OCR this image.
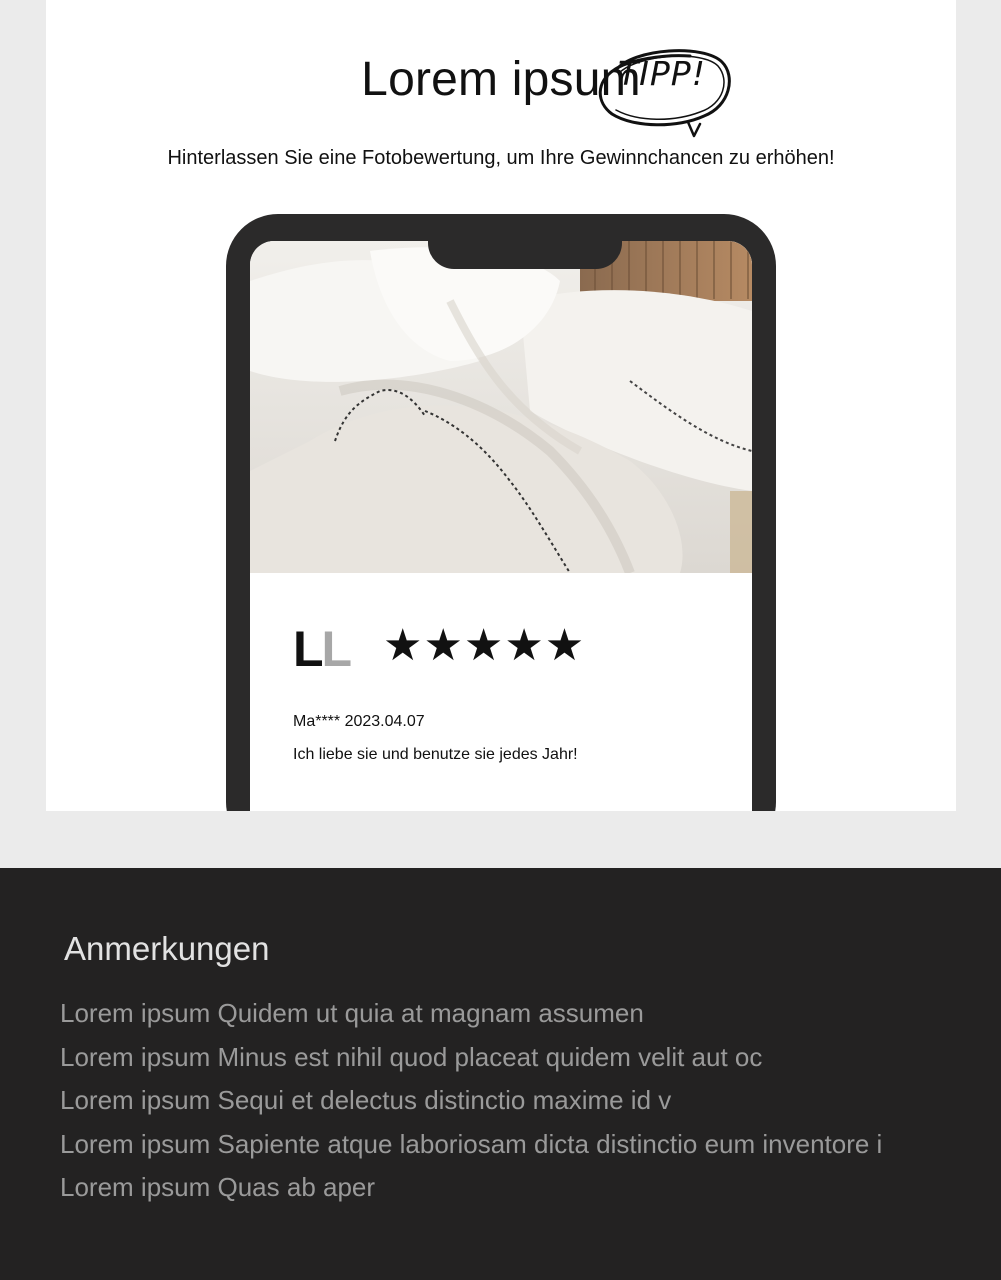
Lorem ipsum
TIPP!
Hinterlassen Sie eine Fotobewertung, um Ihre Gewinnchancen zu erhöhen!
LL ★★★★★
Ma**** 2023.04.07
Ich liebe sie und benutze sie jedes Jahr!
Anmerkungen
Lorem ipsum Quidem ut quia at magnam assumen
Lorem ipsum Minus est nihil quod placeat quidem velit aut oc
Lorem ipsum Sequi et delectus distinctio maxime id v
Lorem ipsum Sapiente atque laboriosam dicta distinctio eum inventore i
Lorem ipsum Quas ab aper
